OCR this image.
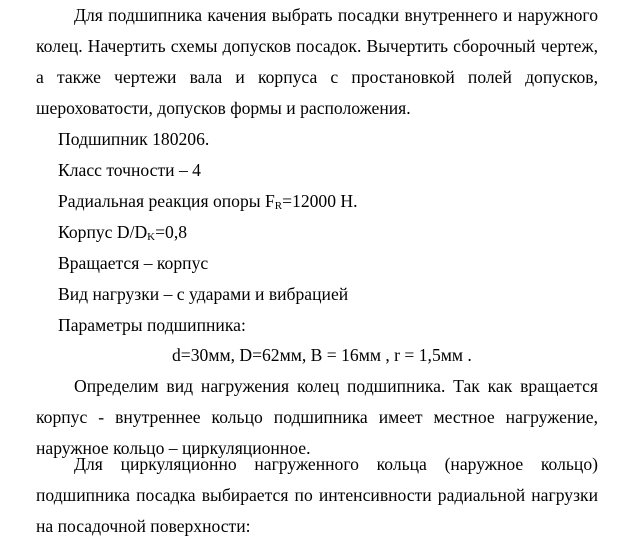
Для подшипника качения выбрать посадки внутреннего и наружного
колец. Начертить схемы допусков посадок. Вычертить сборочный чертеж,
а также чертежи вала и корпуса с простановкой полей допусков,
шероховатости, допусков формы и расположения.
Подшипник 180206.
Класс точности – 4
Радиальная реакция опоры FR=12000 Н.
Корпус D/DK=0,8
Вращается – корпус
Вид нагрузки – с ударами и вибрацией
Параметры подшипника:
d=30мм, D=62мм, B = 16мм , r = 1,5мм .
Определим вид нагружения колец подшипника. Так как вращается
корпус - внутреннее кольцо подшипника имеет местное нагружение,
наружное кольцо – циркуляционное.
Для циркуляционно нагруженного кольца (наружное кольцо)
подшипника посадка выбирается по интенсивности радиальной нагрузки
на посадочной поверхности:
